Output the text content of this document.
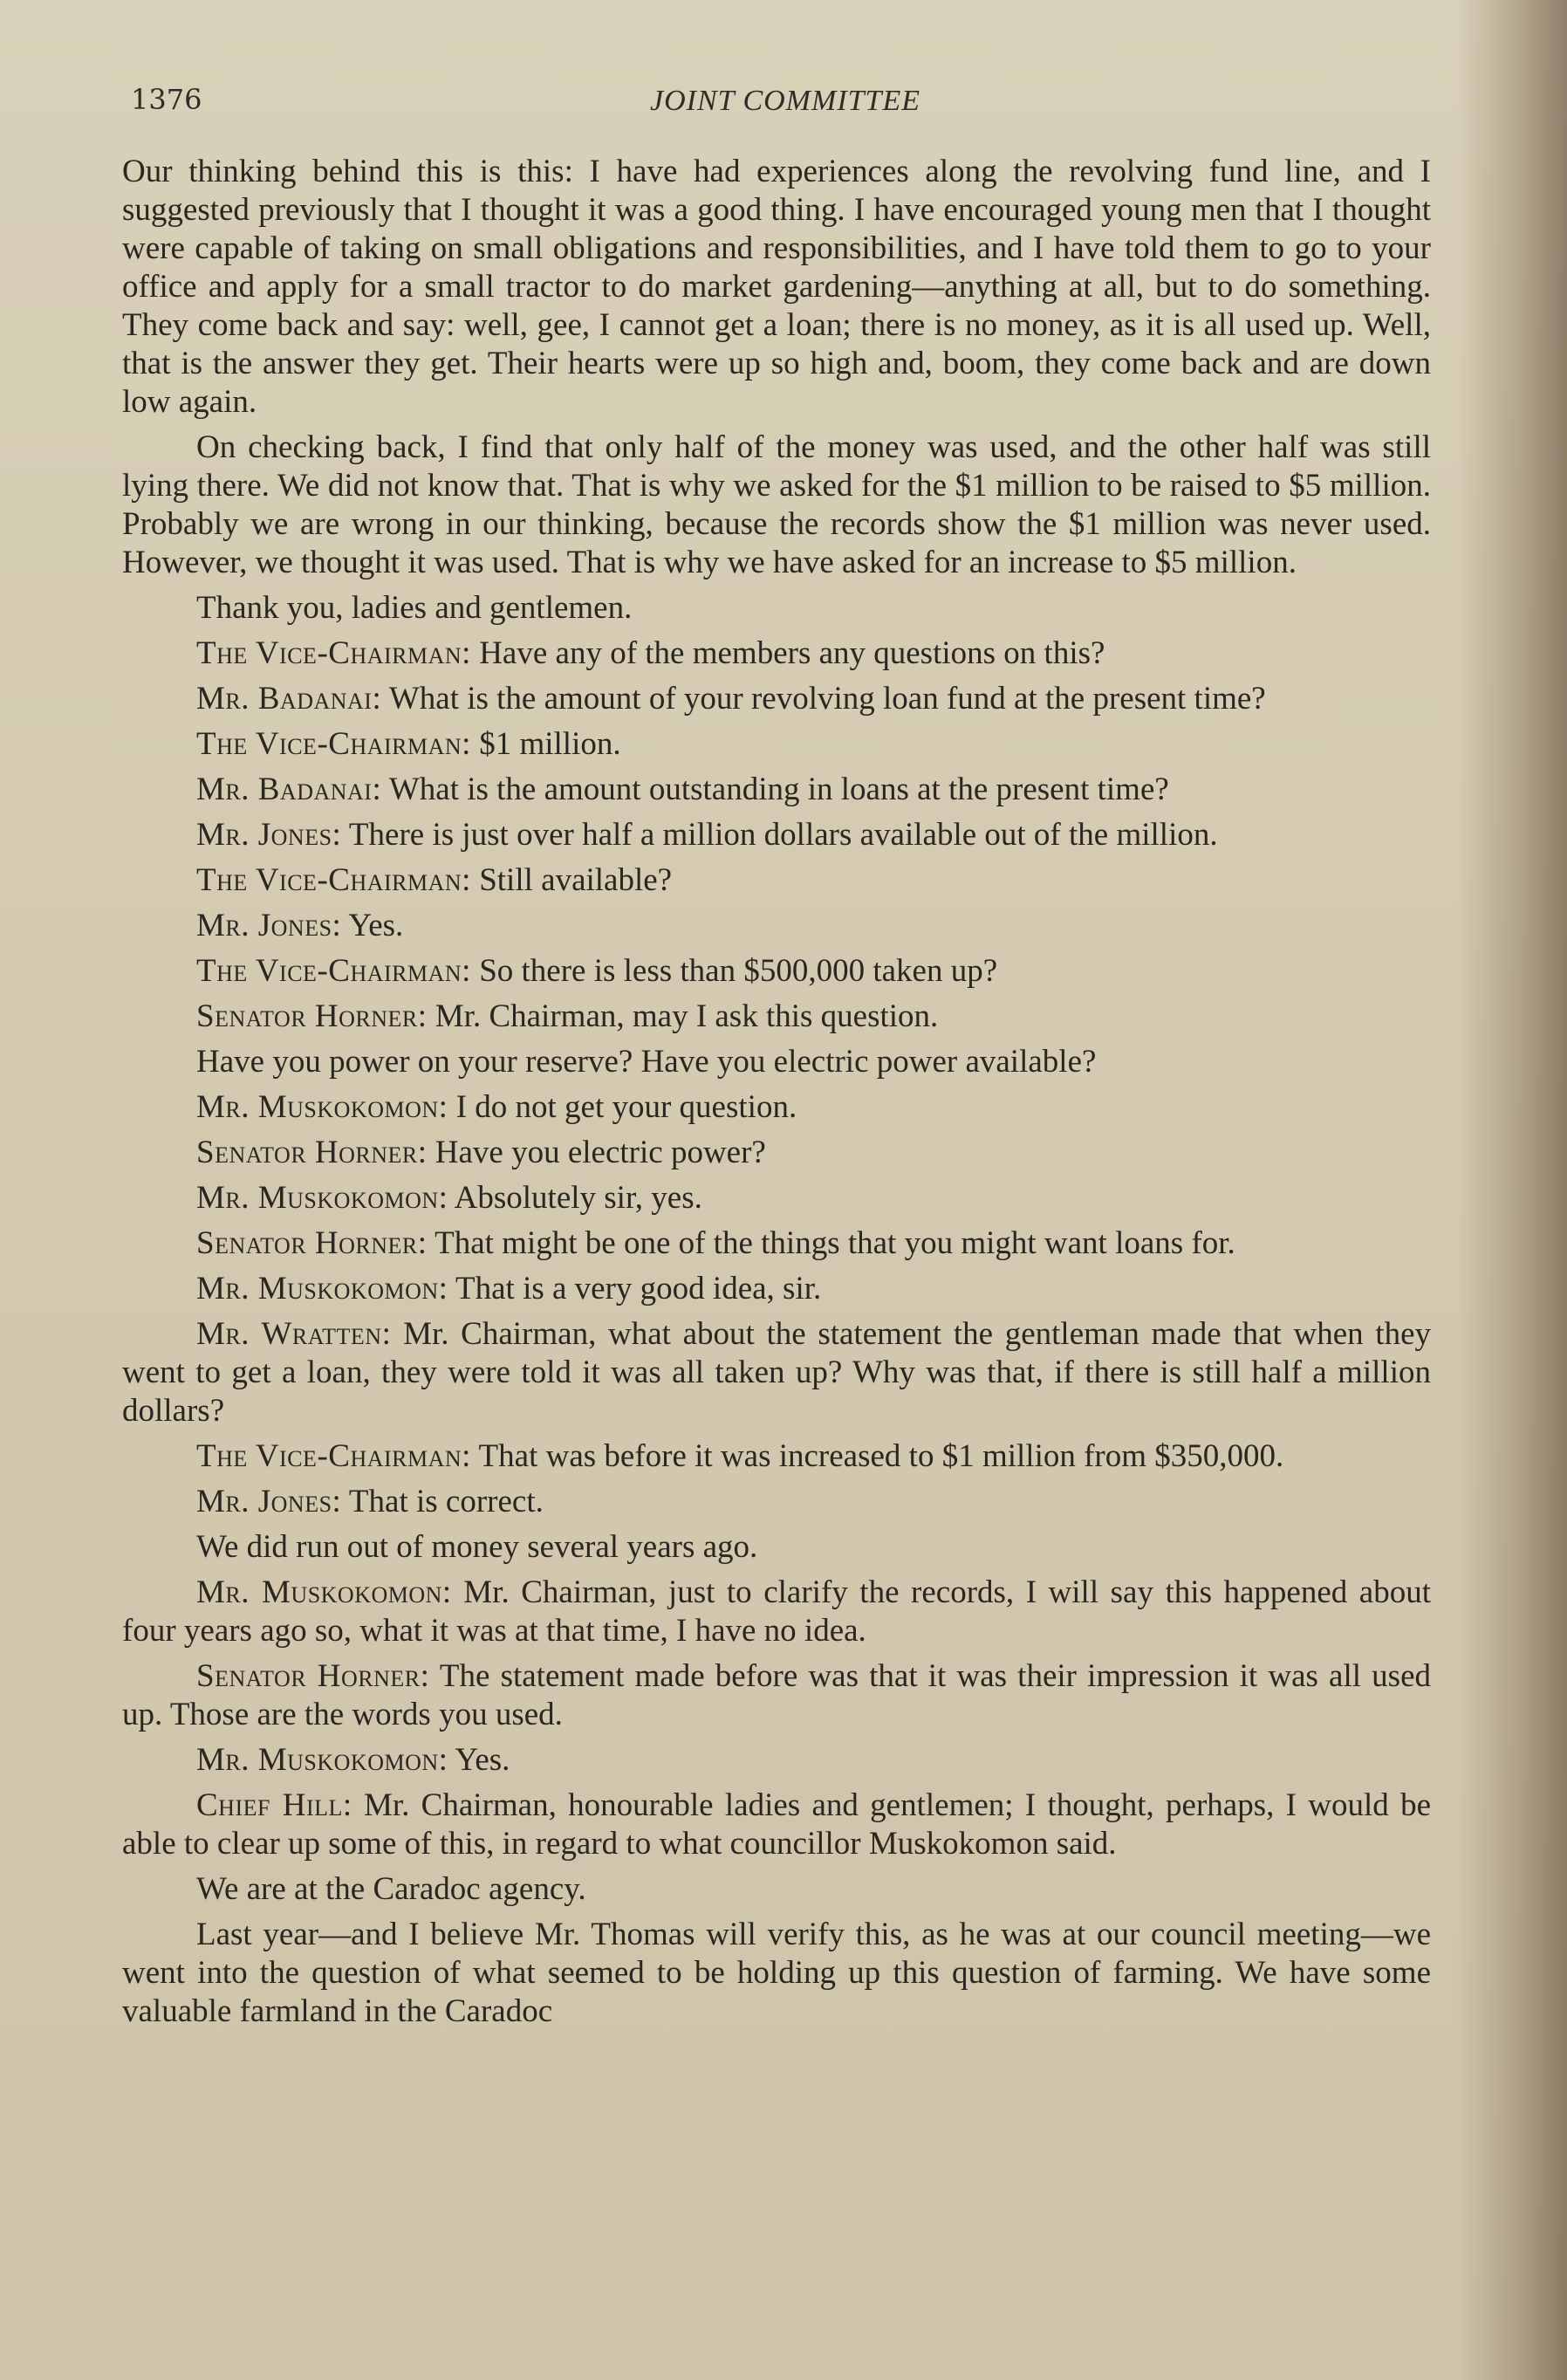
1376	JOINT COMMITTEE

Our thinking behind this is this: I have had experiences along the revolving fund line, and I suggested previously that I thought it was a good thing. I have encouraged young men that I thought were capable of taking on small obligations and responsibilities, and I have told them to go to your office and apply for a small tractor to do market gardening—anything at all, but to do something. They come back and say: well, gee, I cannot get a loan; there is no money, as it is all used up. Well, that is the answer they get. Their hearts were up so high and, boom, they come back and are down low again.

On checking back, I find that only half of the money was used, and the other half was still lying there. We did not know that. That is why we asked for the $1 million to be raised to $5 million. Probably we are wrong in our thinking, because the records show the $1 million was never used. However, we thought it was used. That is why we have asked for an increase to $5 million.

Thank you, ladies and gentlemen.

The Vice-Chairman: Have any of the members any questions on this?

Mr. Badanai: What is the amount of your revolving loan fund at the present time?

The Vice-Chairman: $1 million.

Mr. Badanai: What is the amount outstanding in loans at the present time?

Mr. Jones: There is just over half a million dollars available out of the million.

The Vice-Chairman: Still available?

Mr. Jones: Yes.

The Vice-Chairman: So there is less than $500,000 taken up?

Senator Horner: Mr. Chairman, may I ask this question.

Have you power on your reserve? Have you electric power available?

Mr. Muskokomon: I do not get your question.

Senator Horner: Have you electric power?

Mr. Muskokomon: Absolutely sir, yes.

Senator Horner: That might be one of the things that you might want loans for.

Mr. Muskokomon: That is a very good idea, sir.

Mr. Wratten: Mr. Chairman, what about the statement the gentleman made that when they went to get a loan, they were told it was all taken up? Why was that, if there is still half a million dollars?

The Vice-Chairman: That was before it was increased to $1 million from $350,000.

Mr. Jones: That is correct.

We did run out of money several years ago.

Mr. Muskokomon: Mr. Chairman, just to clarify the records, I will say this happened about four years ago so, what it was at that time, I have no idea.

Senator Horner: The statement made before was that it was their impression it was all used up. Those are the words you used.

Mr. Muskokomon: Yes.

Chief Hill: Mr. Chairman, honourable ladies and gentlemen; I thought, perhaps, I would be able to clear up some of this, in regard to what councillor Muskokomon said.

We are at the Caradoc agency.

Last year—and I believe Mr. Thomas will verify this, as he was at our council meeting—we went into the question of what seemed to be holding up this question of farming. We have some valuable farmland in the Caradoc
